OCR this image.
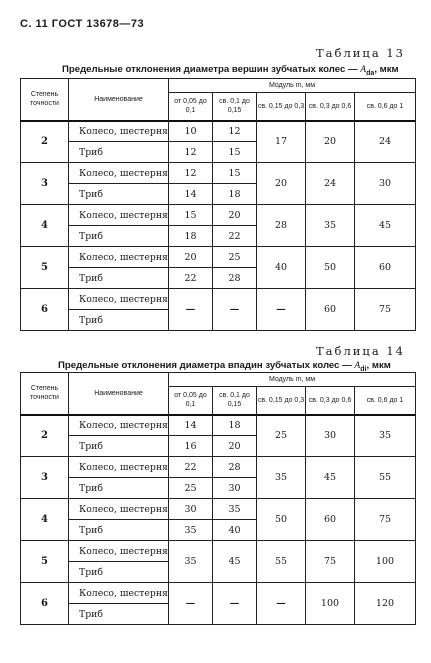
С. 11 ГОСТ 13678—73
Таблица 13
Предельные отклонения диаметра вершин зубчатых колес — $A_{da}$, мкм
Степень точности	Наименование	Модуль m, мм				
		от 0,05 до 0,1	св. 0,1 до 0,15	св. 0,15 до 0,3	св. 0,3 до 0,6	св. 0,6 до 1
2	Колесо, шестерня	10	12	17	20	24
	Триб	12	15			
3	Колесо, шестерня	12	15	20	24	30
	Триб	14	18			
4	Колесо, шестерня	15	20	28	35	45
	Триб	18	22			
5	Колесо, шестерня	20	25	40	50	60
	Триб	22	28			
6	Колесо, шестерня	—	—	—	60	75
	Триб					
Таблица 14
Предельные отклонения диаметра впадин зубчатых колес — $A_{di}$, мкм
Степень точности	Наименование	Модуль m, мм				
		от 0,05 до 0,1	св. 0,1 до 0,15	св. 0,15 до 0,3	св. 0,3 до 0,6	св. 0,6 до 1
2	Колесо, шестерня	14	18	25	30	35
	Триб	16	20			
3	Колесо, шестерня	22	28	35	45	55
	Триб	25	30			
4	Колесо, шестерня	30	35	50	60	75
	Триб	35	40			
5	Колесо, шестерня	35	45	55	75	100
	Триб					
6	Колесо, шестерня	—	—	—	100	120
	Триб					
